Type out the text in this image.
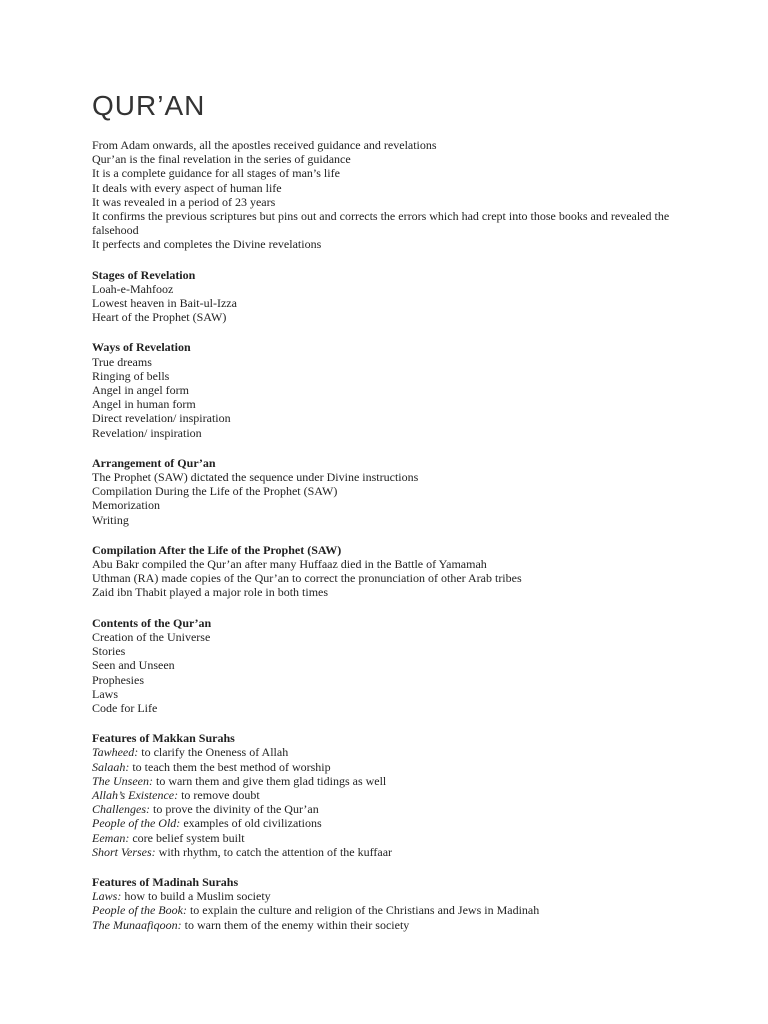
QUR’AN

From Adam onwards, all the apostles received guidance and revelations

Qur’an is the final revelation in the series of guidance

It is a complete guidance for all stages of man’s life

It deals with every aspect of human life

It was revealed in a period of 23 years

It confirms the previous scriptures but pins out and corrects the errors which had crept into those books and revealed the falsehood

It perfects and completes the Divine revelations

Stages of Revelation

Loah-e-Mahfooz

Lowest heaven in Bait-ul-Izza

Heart of the Prophet (SAW)

Ways of Revelation

True dreams

Ringing of bells

Angel in angel form

Angel in human form

Direct revelation/ inspiration

Revelation/ inspiration

Arrangement of Qur’an

The Prophet (SAW) dictated the sequence under Divine instructions

Compilation During the Life of the Prophet (SAW)

Memorization

Writing

Compilation After the Life of the Prophet (SAW)

Abu Bakr compiled the Qur’an after many Huffaaz died in the Battle of Yamamah

Uthman (RA) made copies of the Qur’an to correct the pronunciation of other Arab tribes

Zaid ibn Thabit played a major role in both times

Contents of the Qur’an

Creation of the Universe

Stories

Seen and Unseen

Prophesies

Laws

Code for Life

Features of Makkan Surahs

Tawheed: to clarify the Oneness of Allah

Salaah: to teach them the best method of worship

The Unseen: to warn them and give them glad tidings as well

Allah’s Existence: to remove doubt

Challenges: to prove the divinity of the Qur’an

People of the Old: examples of old civilizations

Eeman: core belief system built

Short Verses: with rhythm, to catch the attention of the kuffaar

Features of Madinah Surahs

Laws: how to build a Muslim society

People of the Book: to explain the culture and religion of the Christians and Jews in Madinah

The Munaafiqoon: to warn them of the enemy within their society
